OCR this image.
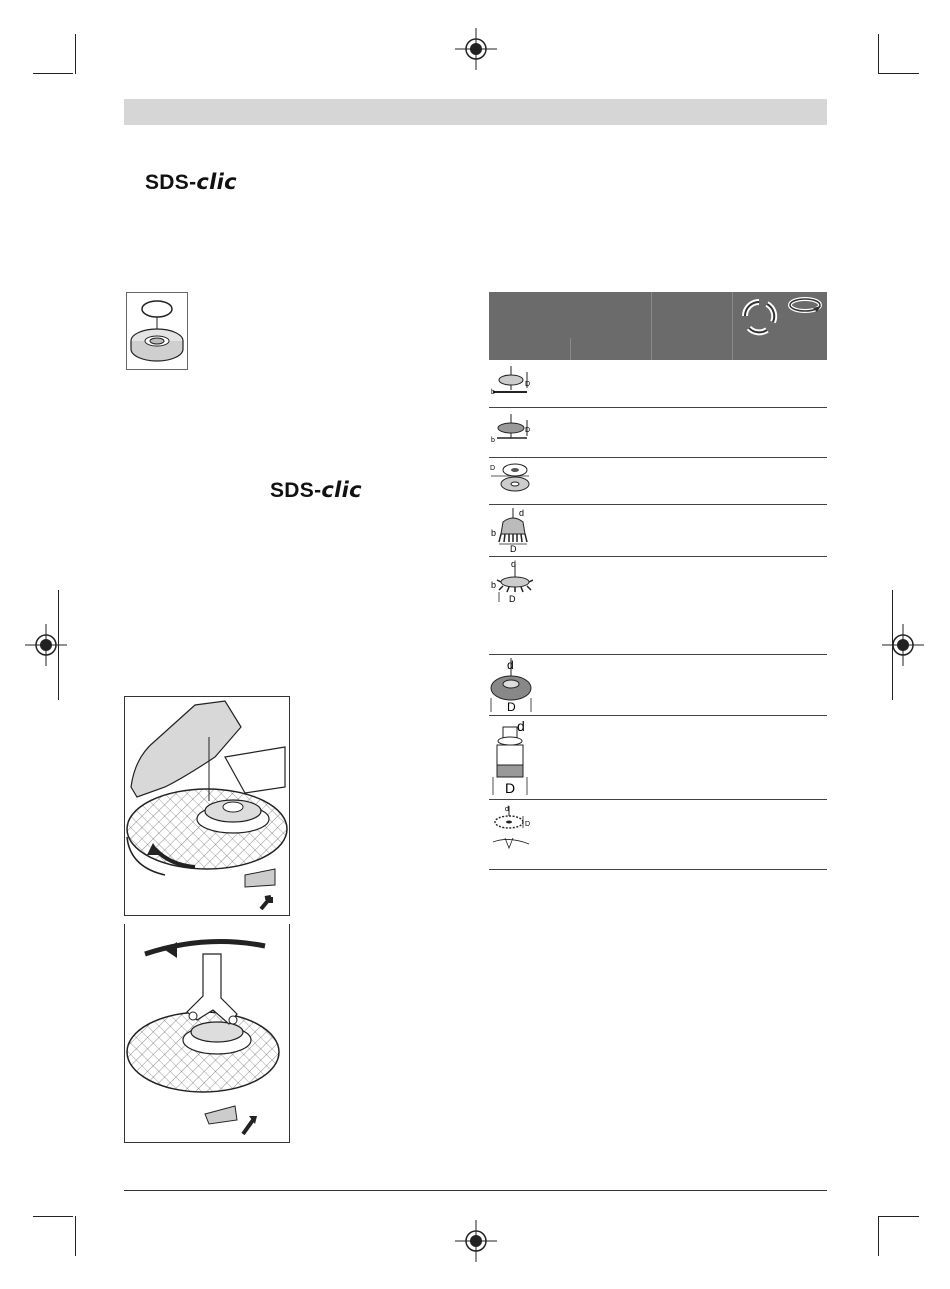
SDS-clic
SDS-clic
b
D
b
D
D
b
d
D
b
d
D
d
D
d
D
d
D
